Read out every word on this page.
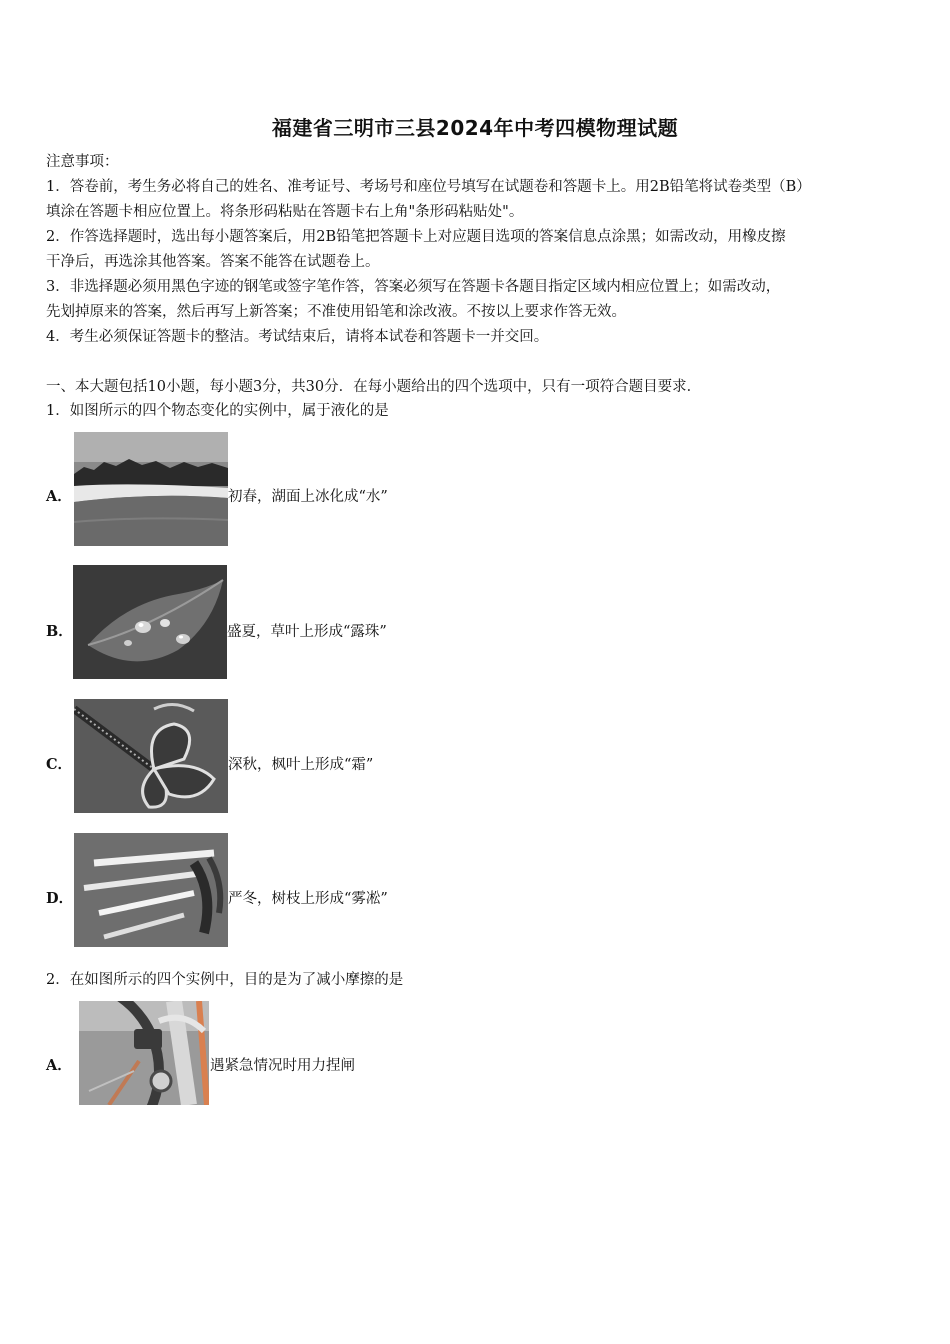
福建省三明市三县2024年中考四模物理试题
注意事项：
1．答卷前，考生务必将自己的姓名、准考证号、考场号和座位号填写在试题卷和答题卡上。用2B铅笔将试卷类型（B）
填涂在答题卡相应位置上。将条形码粘贴在答题卡右上角"条形码粘贴处"。
2．作答选择题时，选出每小题答案后，用2B铅笔把答题卡上对应题目选项的答案信息点涂黑；如需改动，用橡皮擦
干净后，再选涂其他答案。答案不能答在试题卷上。
3．非选择题必须用黑色字迹的钢笔或签字笔作答，答案必须写在答题卡各题目指定区域内相应位置上；如需改动，
先划掉原来的答案，然后再写上新答案；不准使用铅笔和涂改液。不按以上要求作答无效。
4．考生必须保证答题卡的整洁。考试结束后，请将本试卷和答题卡一并交回。
一、本大题包括10小题，每小题3分，共30分．在每小题给出的四个选项中，只有一项符合题目要求．
1．如图所示的四个物态变化的实例中，属于液化的是
A．	初春，湖面上冰化成“水”
B．	盛夏，草叶上形成“露珠”
C．	深秋，枫叶上形成“霜”
D．	严冬，树枝上形成“雾凇”
2．在如图所示的四个实例中，目的是为了减小摩擦的是
A．	遇紧急情况时用力捏闸
